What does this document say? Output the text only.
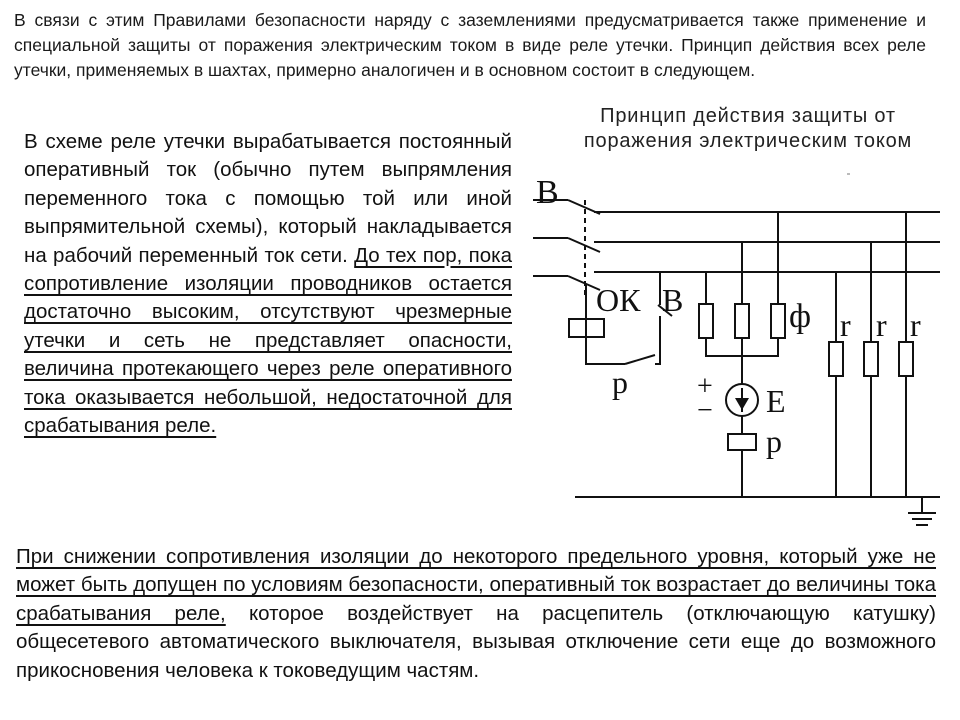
В связи с этим Правилами безопасности наряду с заземлениями предусматривается также применение и специальной защиты от поражения электрическим током в виде реле утечки. Принцип действия всех реле утечки, применяемых в шахтах, примерно аналогичен и в основном состоит в следующем.
В схеме реле утечки вырабатывается постоянный оперативный ток (обычно путем выпрямления переменного тока с помощью той или иной выпрямительной схемы), который накладывается на рабочий переменный ток сети. До тех пор, пока сопротивление изоляции проводников остается достаточно высоким, отсутствуют чрезмерные утечки и сеть не представляет опасности, величина протекающего через реле оперативного тока оказывается небольшой, недостаточной для срабатывания реле.
Принцип действия защиты от
поражения электрическим током
В
ОК В
р
ф r r r
+
− E
р
При снижении сопротивления изоляции до некоторого предельного уровня, который уже не может быть допущен по условиям безопасности, оперативный ток возрастает до величины тока срабатывания реле, которое воздействует на расцепитель (отключающую катушку) общесетевого автоматического выключателя, вызывая отключение сети еще до возможного прикосновения человека к токоведущим частям.
